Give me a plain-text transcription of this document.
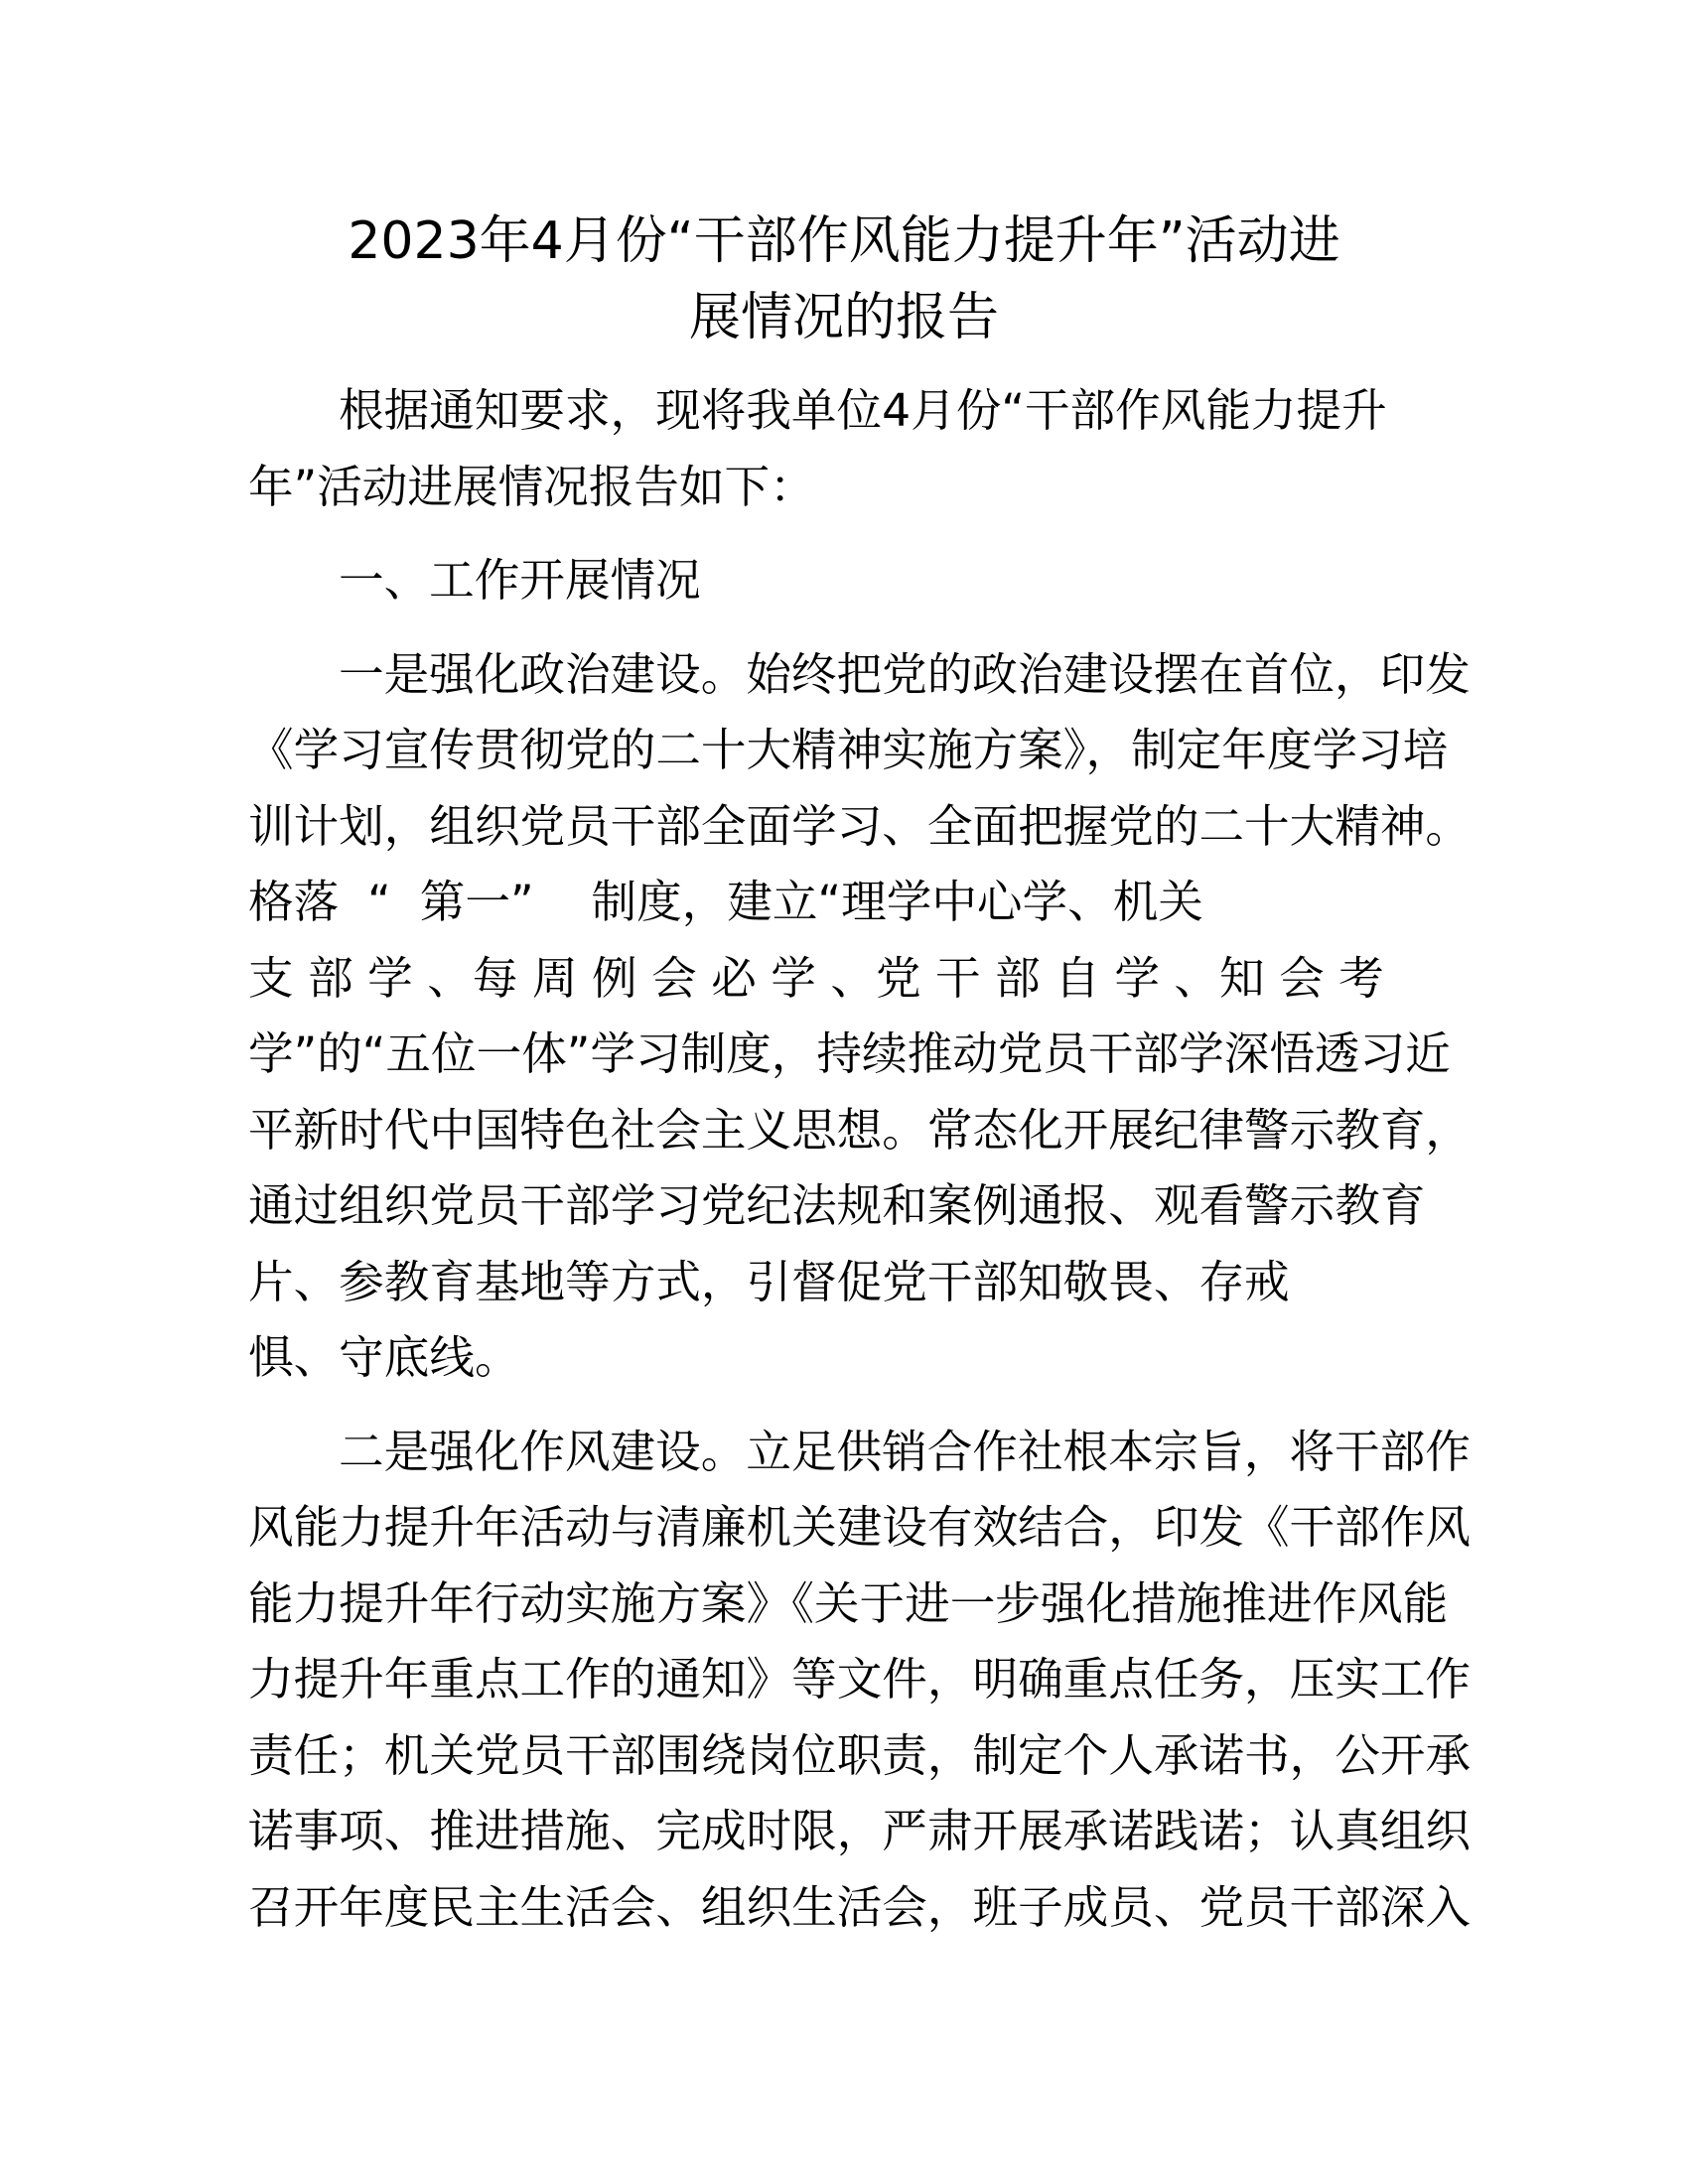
2023年4月份“干部作风能力提升年”活动进
展情况的报告
根据通知要求，现将我单位4月份“干部作风能力提升
年”活动进展情况报告如下：
一、工作开展情况
一是强化政治建设。始终把党的政治建设摆在首位，印发
《学习宣传贯彻党的二十大精神实施方案》，制定年度学习培
训计划，组织党员干部全面学习、全面把握党的二十大精神。
格落  “  第一”    制度，建立“理学中心学、机关
支 部 学 、每 周 例 会 必 学 、党 干 部 自 学 、知 会 考
学”的“五位一体”学习制度，持续推动党员干部学深悟透习近
平新时代中国特色社会主义思想。常态化开展纪律警示教育，
通过组织党员干部学习党纪法规和案例通报、观看警示教育
片、参教育基地等方式，引督促党干部知敬畏、存戒
惧、守底线。
二是强化作风建设。立足供销合作社根本宗旨，将干部作
风能力提升年活动与清廉机关建设有效结合，印发《干部作风
能力提升年行动实施方案》《关于进一步强化措施推进作风能
力提升年重点工作的通知》等文件，明确重点任务，压实工作
责任；机关党员干部围绕岗位职责，制定个人承诺书，公开承
诺事项、推进措施、完成时限，严肃开展承诺践诺；认真组织
召开年度民主生活会、组织生活会，班子成员、党员干部深入
